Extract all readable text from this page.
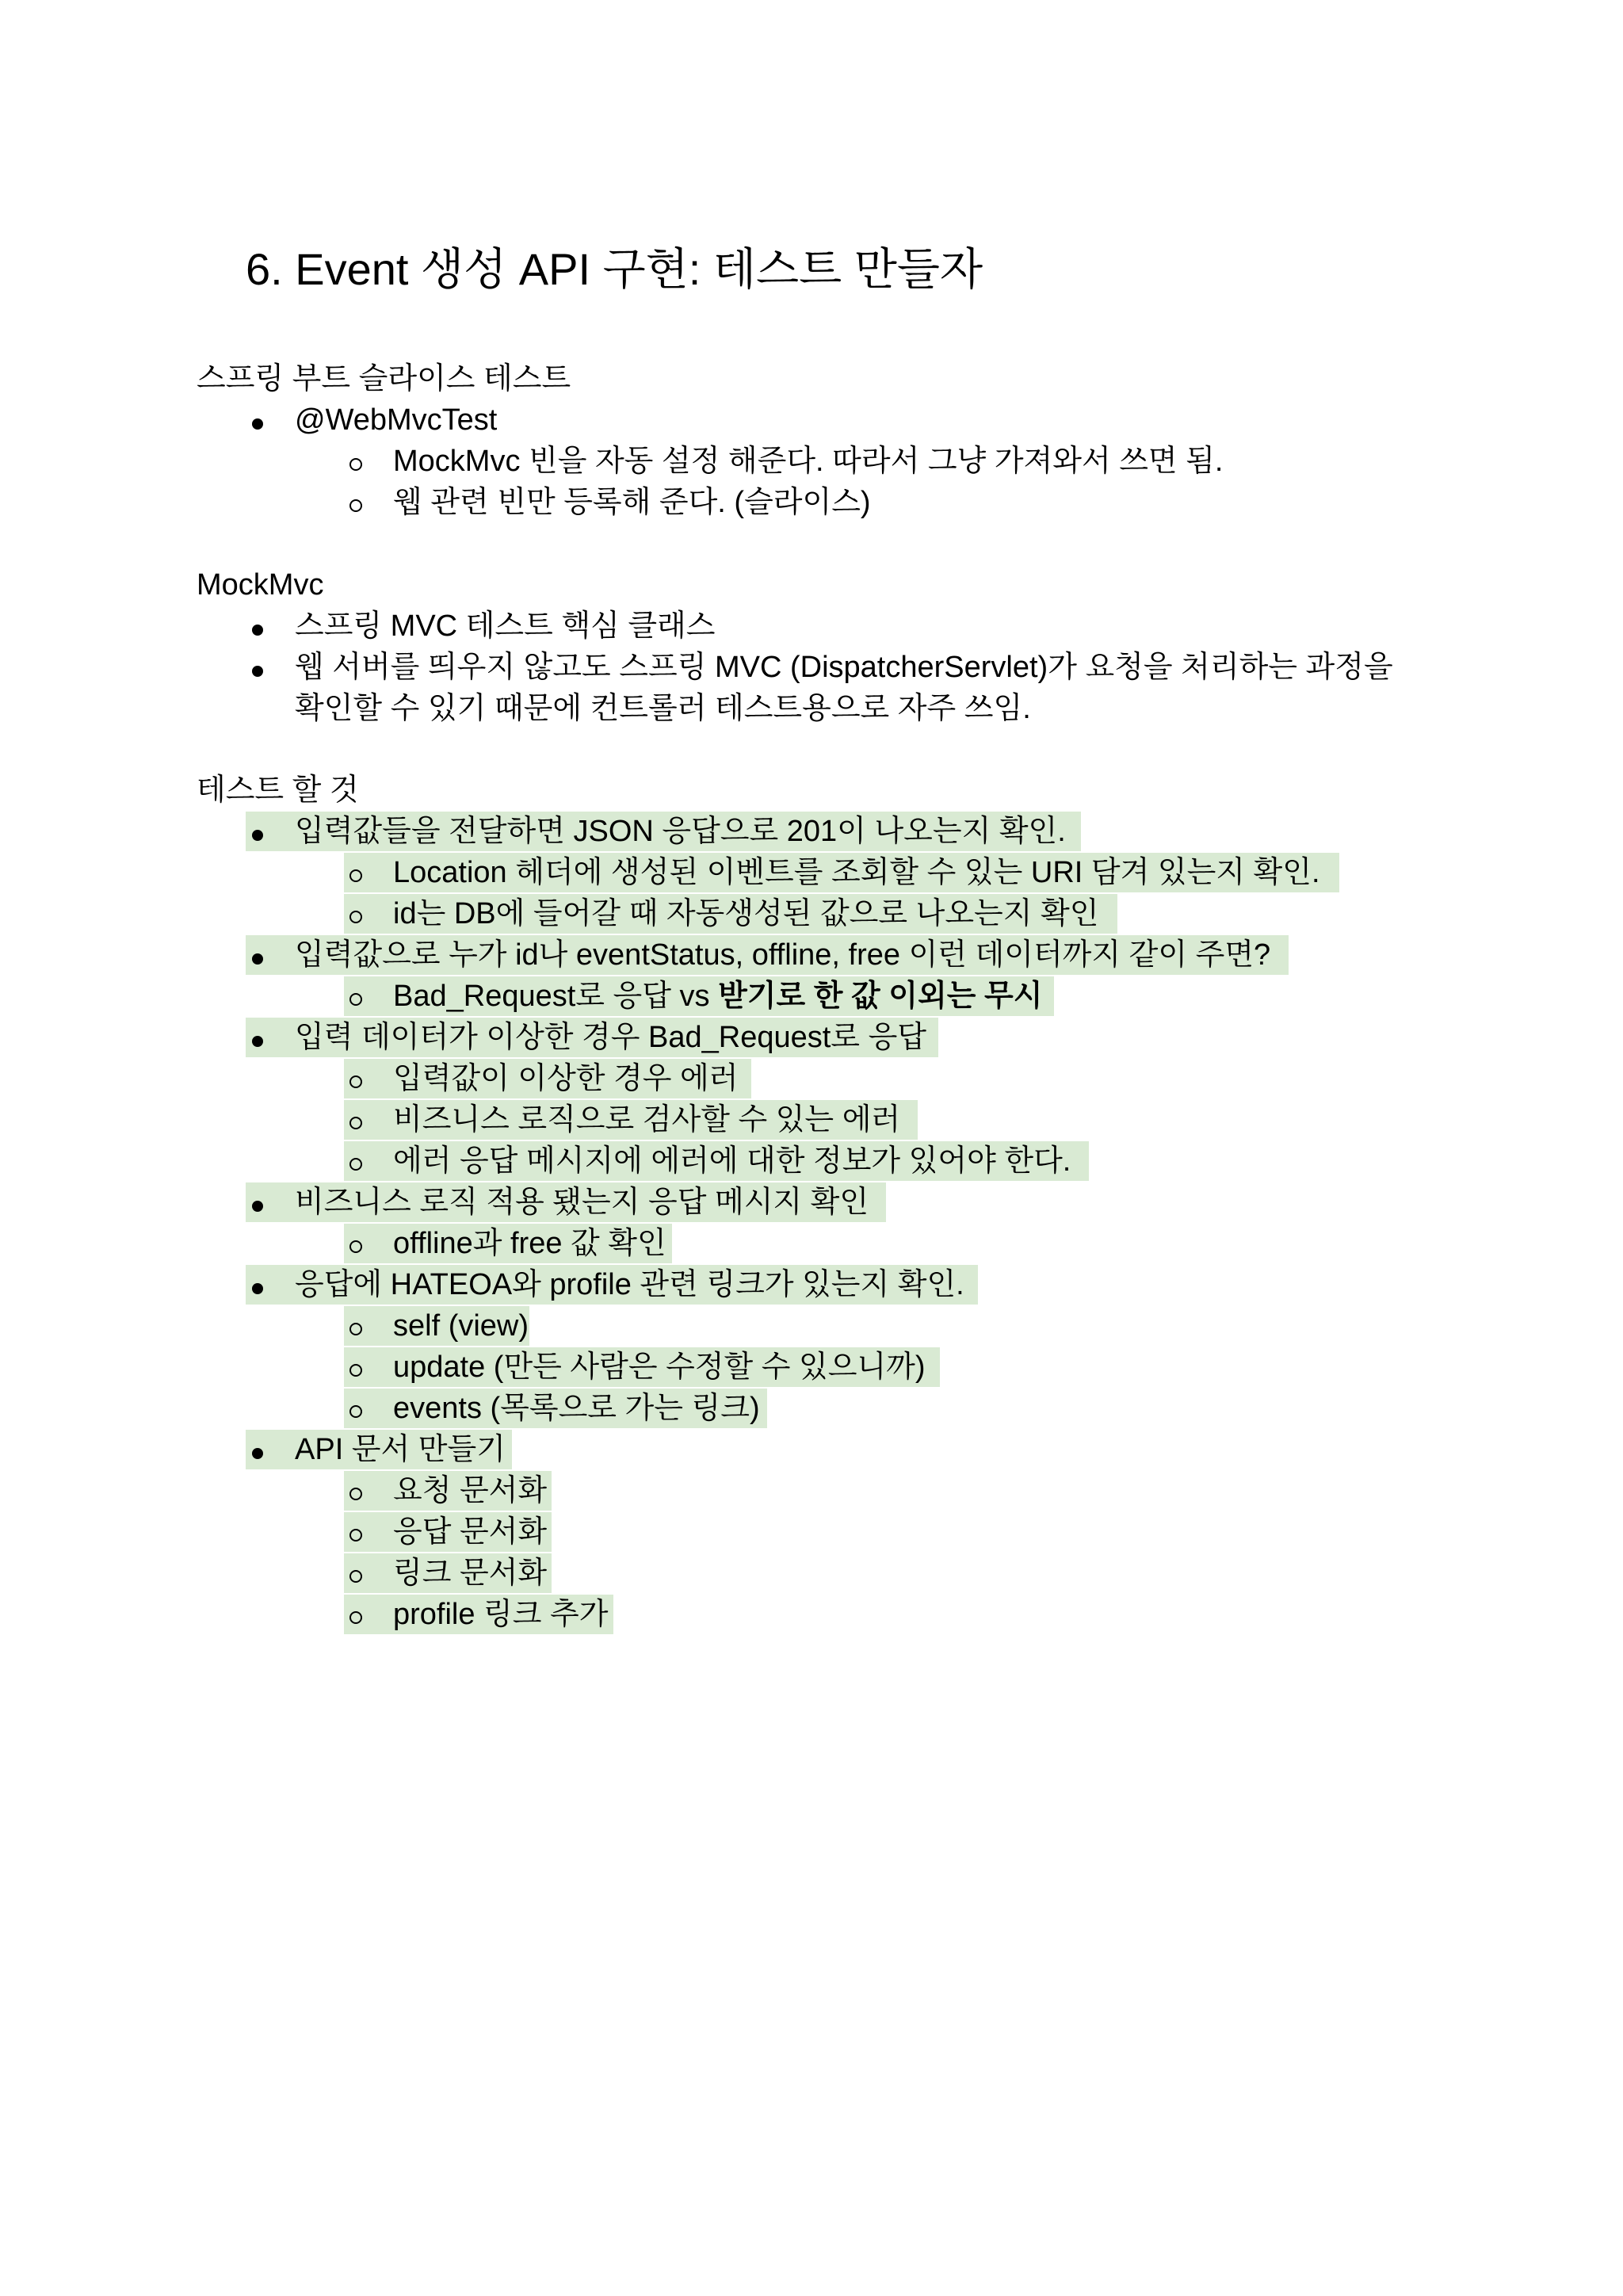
6. Event 생성 API 구현: 테스트 만들자
스프링 부트 슬라이스 테스트
@WebMvcTest
MockMvc 빈을 자동 설정 해준다. 따라서 그냥 가져와서 쓰면 됨.
웹 관련 빈만 등록해 준다. (슬라이스)
MockMvc
스프링 MVC 테스트 핵심 클래스
웹 서버를 띄우지 않고도 스프링 MVC (DispatcherServlet)가 요청을 처리하는 과정을
확인할 수 있기 때문에 컨트롤러 테스트용으로 자주 쓰임.
테스트 할 것
입력값들을 전달하면 JSON 응답으로 201이 나오는지 확인.
Location 헤더에 생성된 이벤트를 조회할 수 있는 URI 담겨 있는지 확인.
id는 DB에 들어갈 때 자동생성된 값으로 나오는지 확인
입력값으로 누가 id나 eventStatus, offline, free 이런 데이터까지 같이 주면?
Bad_Request로 응답 vs 받기로 한 값 이외는 무시
입력 데이터가 이상한 경우 Bad_Request로 응답
입력값이 이상한 경우 에러
비즈니스 로직으로 검사할 수 있는 에러
에러 응답 메시지에 에러에 대한 정보가 있어야 한다.
비즈니스 로직 적용 됐는지 응답 메시지 확인
offline과 free 값 확인
응답에 HATEOA와 profile 관련 링크가 있는지 확인.
self (view)
update (만든 사람은 수정할 수 있으니까)
events (목록으로 가는 링크)
API 문서 만들기
요청 문서화
응답 문서화
링크 문서화
profile 링크 추가
